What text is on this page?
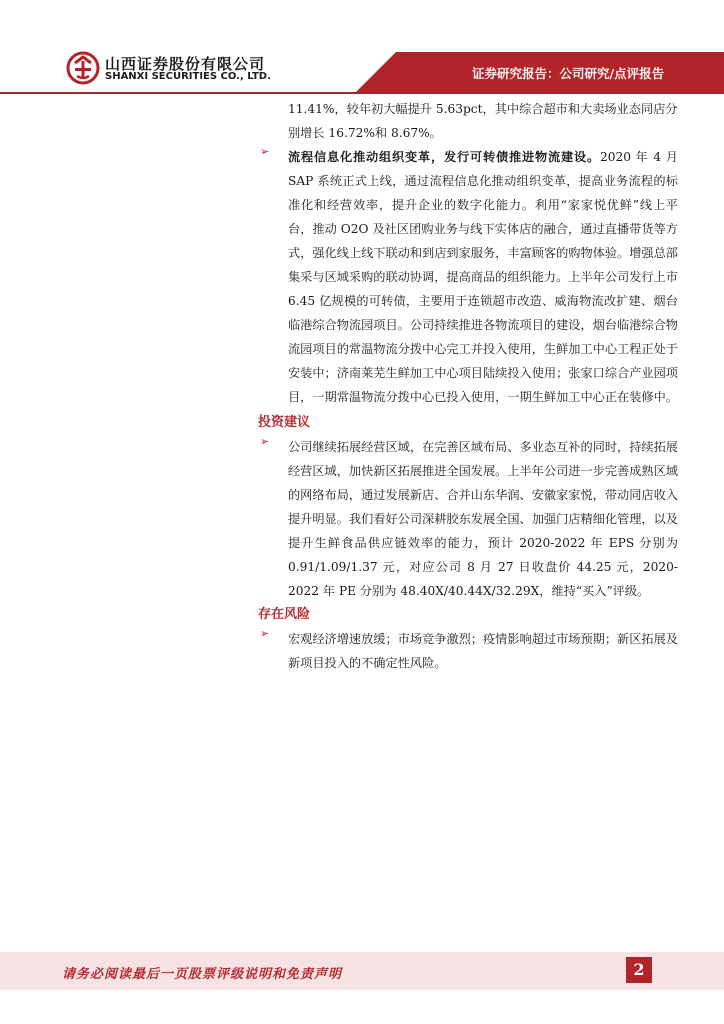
山西证券股份有限公司
SHANXI SECURITIES CO., LTD.	证券研究报告：公司研究/点评报告

11.41%，较年初大幅提升 5.63pct，其中综合超市和大卖场业态同店分
别增长 16.72%和 8.67%。

➢ 流程信息化推动组织变革，发行可转债推进物流建设。2020 年 4 月 SAP 系统正式上线，通过流程信息化推动组织变革，提高业务流程的标准化和经营效率，提升企业的数字化能力。利用“家家悦优鲜”线上平台，推动 O2O 及社区团购业务与线下实体店的融合，通过直播带货等方式，强化线上线下联动和到店到家服务，丰富顾客的购物体验。增强总部集采与区域采购的联动协调，提高商品的组织能力。上半年公司发行上市 6.45 亿规模的可转债，主要用于连锁超市改造、威海物流改扩建、烟台临港综合物流园项目。公司持续推进各物流项目的建设，烟台临港综合物流园项目的常温物流分拨中心完工并投入使用，生鲜加工中心工程正处于安装中；济南莱芜生鲜加工中心项目陆续投入使用；张家口综合产业园项目，一期常温物流分拨中心已投入使用，一期生鲜加工中心正在装修中。

投资建议
➢ 公司继续拓展经营区域，在完善区域布局、多业态互补的同时，持续拓展经营区域，加快新区拓展推进全国发展。上半年公司进一步完善成熟区域的网络布局，通过发展新店、合并山东华润、安徽家家悦，带动同店收入提升明显。我们看好公司深耕胶东发展全国、加强门店精细化管理，以及提升生鲜食品供应链效率的能力，预计 2020-2022 年 EPS 分别为 0.91/1.09/1.37 元，对应公司 8 月 27 日收盘价 44.25 元，2020-2022 年 PE 分别为 48.40X/40.44X/32.29X，维持“买入”评级。

存在风险
➢ 宏观经济增速放缓；市场竞争激烈；疫情影响超过市场预期；新区拓展及新项目投入的不确定性风险。

请务必阅读最后一页股票评级说明和免责声明	2
